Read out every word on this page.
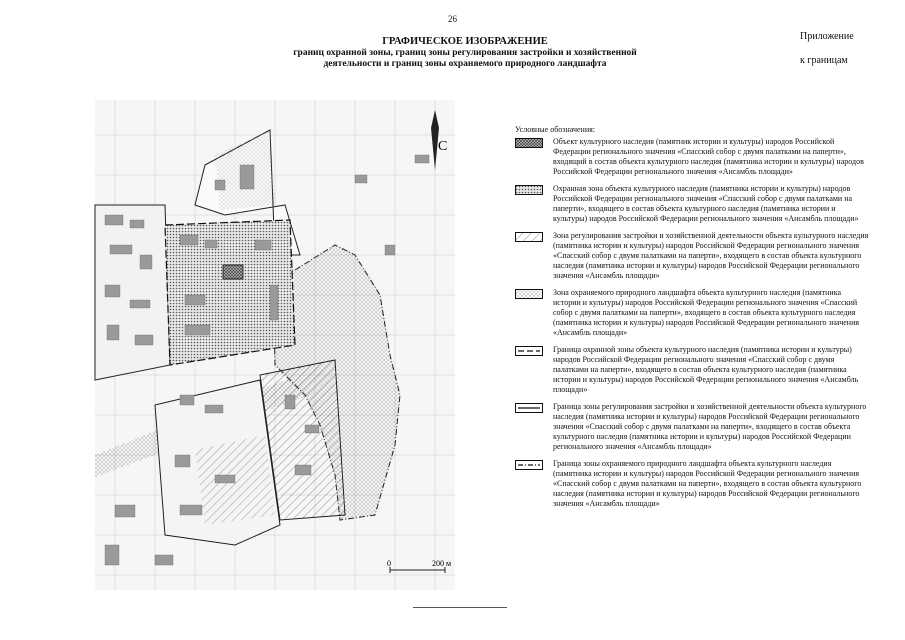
26
Приложение
к границам
ГРАФИЧЕСКОЕ ИЗОБРАЖЕНИЕ
границ охранной зоны, границ зоны регулирования застройки и хозяйственной
деятельности и границ зоны охраняемого природного ландшафта
С
0	200 м
Условные обозначения:
Объект культурного наследия (памятник истории и культуры) народов Российской Федерации регионального значения «Спасский собор с двумя палатками на паперти», входящий в состав объекта культурного наследия (памятника истории и культуры) народов Российской Федерации регионального значения «Ансамбль площади»
Охранная зона объекта культурного наследия (памятника истории и культуры) народов Российской Федерации регионального значения «Спасский собор с двумя палатками на паперти», входящего в состав объекта культурного наследия (памятника истории и культуры) народов Российской Федерации регионального значения «Ансамбль площади»
Зона регулирования застройки и хозяйственной деятельности объекта культурного наследия (памятника истории и культуры) народов Российской Федерации регионального значения «Спасский собор с двумя палатками на паперти», входящего в состав объекта культурного наследия (памятника истории и культуры) народов Российской Федерации регионального значения «Ансамбль площади»
Зона охраняемого природного ландшафта объекта культурного наследия (памятника истории и культуры) народов Российской Федерации регионального значения «Спасский собор с двумя палатками на паперти», входящего в состав объекта культурного наследия (памятника истории и культуры) народов Российской Федерации регионального значения «Ансамбль площади»
Граница охранной зоны объекта культурного наследия (памятника истории и культуры) народов Российской Федерации регионального значения «Спасский собор с двумя палатками на паперти», входящего в состав объекта культурного наследия (памятника истории и культуры) народов Российской Федерации регионального значения «Ансамбль площади»
Граница зоны регулирования застройки и хозяйственной деятельности объекта культурного наследия (памятника истории и культуры) народов Российской Федерации регионального значения «Спасский собор с двумя палатками на паперти», входящего в состав объекта культурного наследия (памятника истории и культуры) народов Российской Федерации регионального значения «Ансамбль площади»
Граница зоны охраняемого природного ландшафта объекта культурного наследия (памятника истории и культуры) народов Российской Федерации регионального значения «Спасский собор с двумя палатками на паперти», входящего в состав объекта культурного наследия (памятника истории и культуры) народов Российской Федерации регионального значения «Ансамбль площади»
